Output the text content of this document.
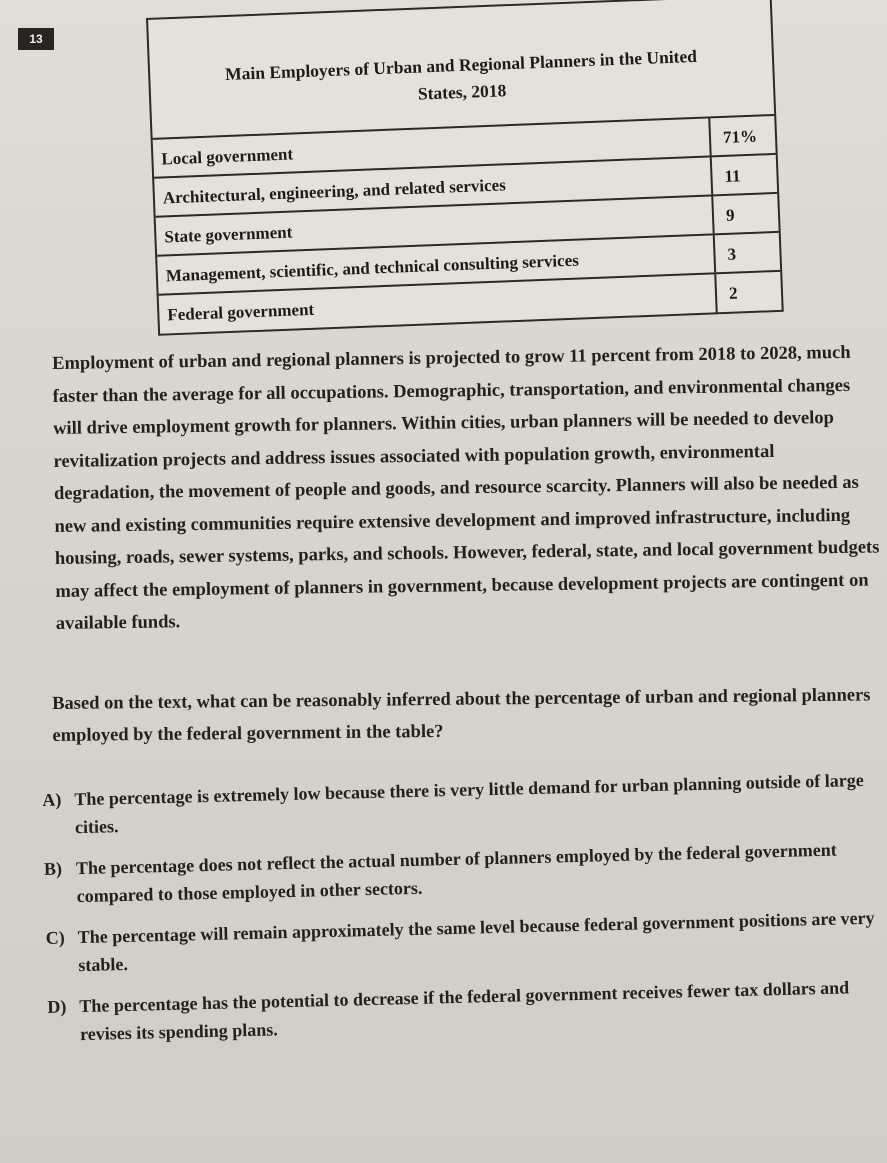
13
Main Employers of Urban and Regional Planners in the United
States, 2018
Local government
71%
Architectural, engineering, and related services	11
State government
9
Management, scientific, and technical consulting services	3
Federal government
2
Employment of urban and regional planners is projected to grow 11 percent from 2018 to 2028, much faster than the average for all occupations. Demographic, transportation, and environmental changes will drive employment growth for planners. Within cities, urban planners will be needed to develop revitalization projects and address issues associated with population growth, environmental degradation, the movement of people and goods, and resource scarcity. Planners will also be needed as new and existing communities require extensive development and improved infrastructure, including housing, roads, sewer systems, parks, and schools. However, federal, state, and local government budgets may affect the employment of planners in government, because development projects are contingent on available funds.
Based on the text, what can be reasonably inferred about the percentage of urban and regional planners employed by the federal government in the table?
A) The percentage is extremely low because there is very little demand for urban planning outside of large cities.
B) The percentage does not reflect the actual number of planners employed by the federal government compared to those employed in other sectors.
C) The percentage will remain approximately the same level because federal government positions are very stable.
D) The percentage has the potential to decrease if the federal government receives fewer tax dollars and revises its spending plans.
